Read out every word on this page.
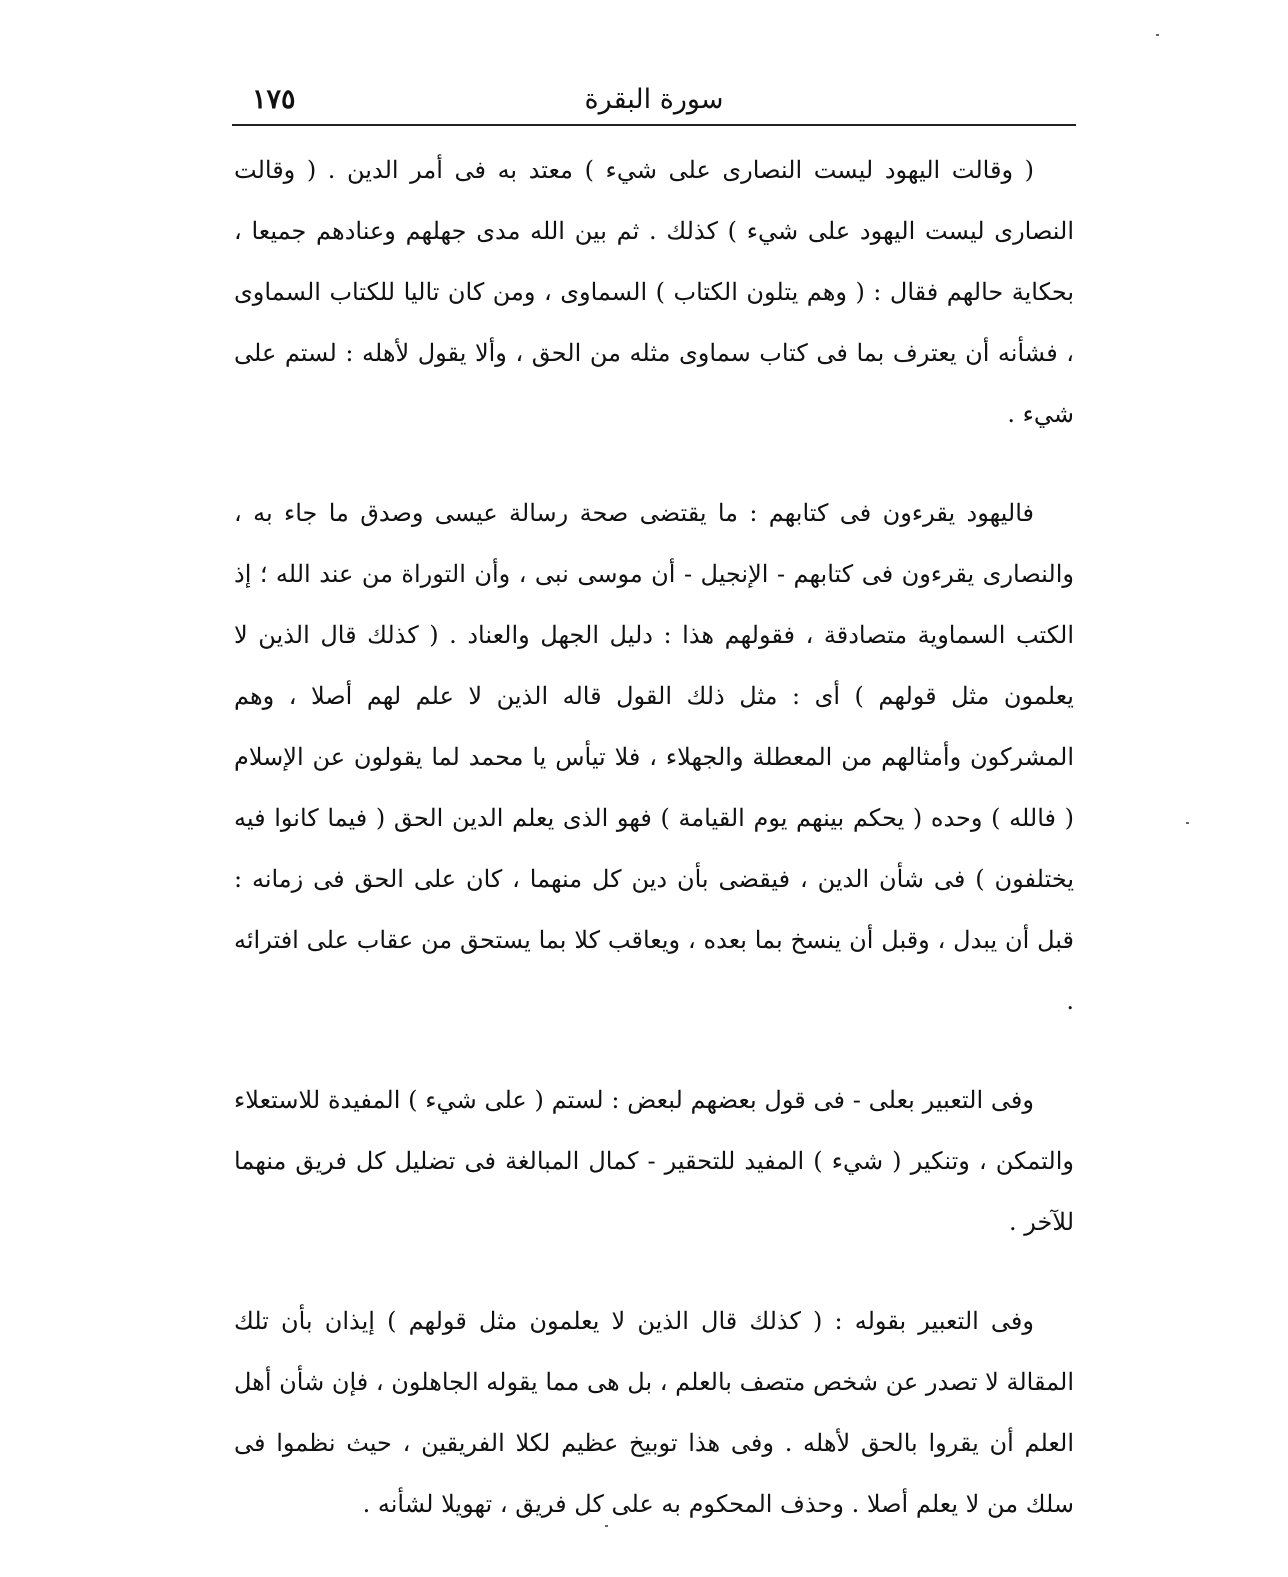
سورة البقرة
١٧٥

( وقالت اليهود ليست النصارى على شيء ) معتد به فى أمر الدين . ( وقالت النصارى ليست اليهود على شيء ) كذلك . ثم بين الله مدى جهلهم وعنادهم جميعا ، بحكاية حالهم فقال : ( وهم يتلون الكتاب ) السماوى ، ومن كان تاليا للكتاب السماوى ، فشأنه أن يعترف بما فى كتاب سماوى مثله من الحق ، وألا يقول لأهله : لستم على شيء .

فاليهود يقرءون فى كتابهم : ما يقتضى صحة رسالة عيسى وصدق ما جاء به ، والنصارى يقرءون فى كتابهم - الإنجيل - أن موسى نبى ، وأن التوراة من عند الله ؛ إذ الكتب السماوية متصادقة ، فقولهم هذا : دليل الجهل والعناد . ( كذلك قال الذين لا يعلمون مثل قولهم ) أى : مثل ذلك القول قاله الذين لا علم لهم أصلا ، وهم المشركون وأمثالهم من المعطلة والجهلاء ، فلا تيأس يا محمد لما يقولون عن الإسلام ( فالله ) وحده ( يحكم بينهم يوم القيامة ) فهو الذى يعلم الدين الحق ( فيما كانوا فيه يختلفون ) فى شأن الدين ، فيقضى بأن دين كل منهما ، كان على الحق فى زمانه : قبل أن يبدل ، وقبل أن ينسخ بما بعده ، ويعاقب كلا بما يستحق من عقاب على افترائه .

وفى التعبير بعلى - فى قول بعضهم لبعض : لستم ( على شيء ) المفيدة للاستعلاء والتمكن ، وتنكير ( شيء ) المفيد للتحقير - كمال المبالغة فى تضليل كل فريق منهما للآخر .

وفى التعبير بقوله : ( كذلك قال الذين لا يعلمون مثل قولهم ) إيذان بأن تلك المقالة لا تصدر عن شخص متصف بالعلم ، بل هى مما يقوله الجاهلون ، فإن شأن أهل العلم أن يقروا بالحق لأهله . وفى هذا توبيخ عظيم لكلا الفريقين ، حيث نظموا فى سلك من لا يعلم أصلا . وحذف المحكوم به على كل فريق ، تهويلا لشأنه .
